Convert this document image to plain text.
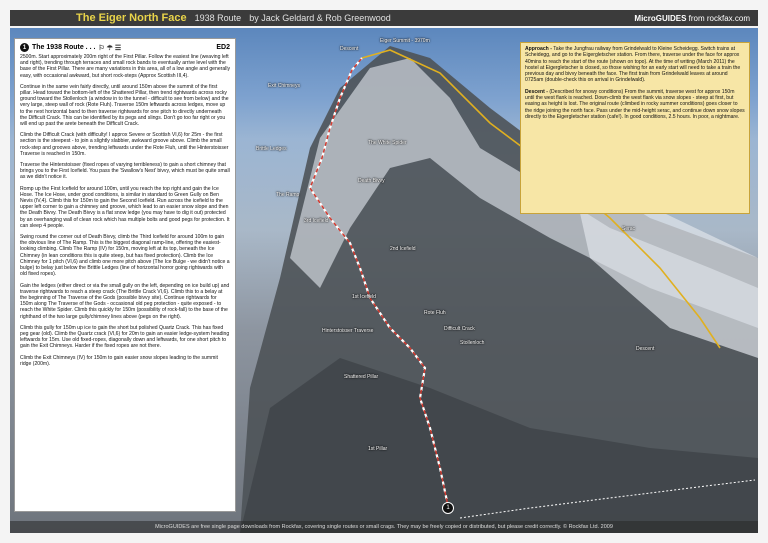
The Eiger North Face 1938 Route by Jack Geldard & Rob Greenwood	MicroGUIDES from rockfax.com
Eiger Summit - 3970m
Descent
Exit Chimneys
The White Spider
Brittle Ledges
The Ramp
Death Bivvy
3rd Icefield
2nd Icefield
Serac
1st Icefield
Rote Fluh
Difficult Crack
Hinterstoisser Traverse
Stollenloch
Descent
Shattered Pillar
1st Pillar
1
1 The 1938 Route . . . ⚐ ☂ ☰	ED2

2500m. Start approximately 200m right of the First Pillar. Follow the easiest line (weaving left and right), trending through terraces and small rock bands to eventually arrive level with the base of the First Pillar. There are many variations in this area, all of a low angle and generally easy, with occasional awkward, but short rock-steps (Approx Scottish III,4).

Continue in the same vein fairly directly, until around 150m above the summit of the first pillar. Head toward the bottom-left of the Shattered Pillar, then trend rightwards across rocky ground toward the Stollenloch (a window in to the tunnel - difficult to see from below) and the very large, steep wall of rock (Rote Fluh). Traverse 150m leftwards across ledges, move up to the next horizontal band to then traverse rightwards for one pitch to directly underneath the Difficult Crack. This can be identified by its pegs and slings. Don't go too far right or you will end up past the arete beneath the Difficult Crack.

Climb the Difficult Crack (with difficulty! I approx Severe or Scottish VI,6) for 25m - the first section is the steepest - to join a slightly slabbier, awkward groove above. Climb the small rock-step and grooves above, trending leftwards under the Rote Fluh, until the Hinterstoisser Traverse is reached in 150m.

Traverse the Hinterstoisser (fixed ropes of varying terribleness) to gain a short chimney that brings you to the First Icefield. You pass the 'Swallow's Nest' bivvy, which must be quite small as we didn't notice it.

Romp up the First Icefield for around 100m, until you reach the top right and gain the Ice Hose. The Ice Hose, under good conditions, is similar in standard to Green Gully on Ben Nevis (IV,4). Climb this for 150m to gain the Second Icefield. Run across the icefield to the upper left corner to gain a chimney and groove, which lead to an easier snow slope and then the Death Bivvy. The Death Bivvy is a flat snow ledge (you may have to dig it out) protected by an overhanging wall of clean rock which has multiple bolts and good pegs for protection. It can sleep 4 people.

Swing round the corner out of Death Bivvy, climb the Third Icefield for around 100m to gain the obvious line of The Ramp. This is the biggest diagonal ramp-line, offering the easiest-looking climbing. Climb The Ramp (IV) for 150m, moving left at its top, beneath the Ice Chimney (in lean conditions this is quite steep, but has fixed protection). Climb the Ice Chimney for 1 pitch (VI,6) and climb one more pitch above (The Ice Bulge - we didn't notice a bulge) to belay just below the Brittle Ledges (line of horizontal horror going rightwards with old fixed ropes).

Gain the ledges (either direct or via the small gully on the left, depending on ice build up) and traverse rightwards to reach a steep crack (The Brittle Crack VI,6). Climb this to a belay at the beginning of The Traverse of the Gods (possible bivvy site). Continue rightwards for 150m along The Traverse of the Gods - occasional old peg protection - quite exposed - to reach the White Spider. Climb this quickly for 150m (possibility of rock-fall) to the base of the righthand of the two large gully/chimney lines above (pegs on the right).

Climb this gully for 150m up ice to gain the short but polished Quartz Crack. This has fixed peg gear (old). Climb the Quartz crack (VI,6) for 20m to gain an easier ledge-system heading leftwards for 15m. Use old fixed-ropes, diagonally down and leftwards, for one short pitch to gain the Exit Chimneys. Harder if the fixed ropes are not there.

Climb the Exit Chimneys (IV) for 150m to gain easier snow slopes leading to the summit ridge (200m).

Approach - Take the Jungfrau railway from Grindelwald to Kleine Scheidegg. Switch trains at Scheidegg, and go to the Eigergletscher station. From there, traverse under the face for approx 40mins to reach the start of the route (shown on topo). At the time of writing (March 2011) the hostel at Eigergletscher is closed, so those wishing for an early start will need to take a train the previous day and bivvy beneath the face. The first train from Grindelwald leaves at around 0725am (double-check this on arrival in Grindelwald).
Descent - (Described for snowy conditions) From the summit, traverse west for approx 150m until the west flank is reached. Down-climb the west flank via snow slopes - steep at first, but easing as height is lost. The original route (climbed in rocky summer conditions) goes closer to the ridge joining the north face. Pass under the mid-height serac, and continue down snow slopes directly to the Eigergletscher station (cafe!). In good conditions, 2.5 hours. In poor, a nightmare.
MicroGUIDES are free single page downloads from Rockfax, covering single routes or small crags. They may be freely copied or distributed, but please credit correctly. © Rockfax Ltd. 2009
